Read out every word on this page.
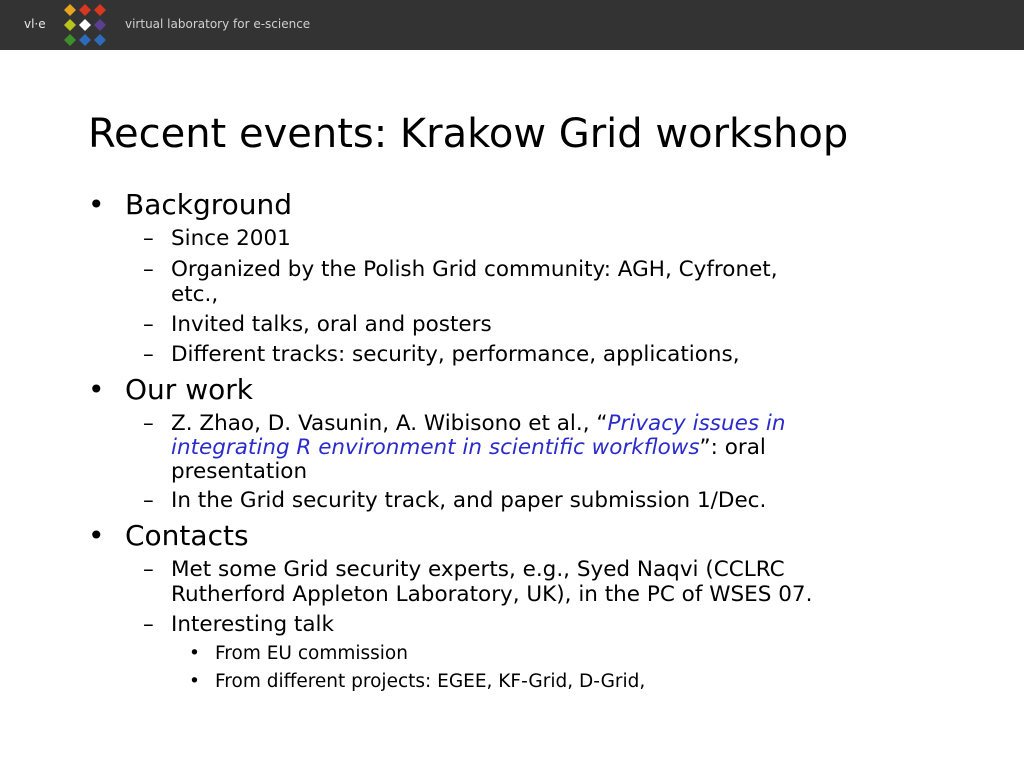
vl·e	virtual laboratory for e-science
Recent events: Krakow Grid workshop
• Background
– Since 2001
– Organized by the Polish Grid community: AGH, Cyfronet,
etc.,
– Invited talks, oral and posters
– Different tracks: security, performance, applications,
• Our work
– Z. Zhao, D. Vasunin, A. Wibisono et al., “Privacy issues in
integrating R environment in scientific workflows”: oral
presentation
– In the Grid security track, and paper submission 1/Dec.
• Contacts
– Met some Grid security experts, e.g., Syed Naqvi (CCLRC
Rutherford Appleton Laboratory, UK), in the PC of WSES 07.
– Interesting talk
• From EU commission
• From different projects: EGEE, KF-Grid, D-Grid,
